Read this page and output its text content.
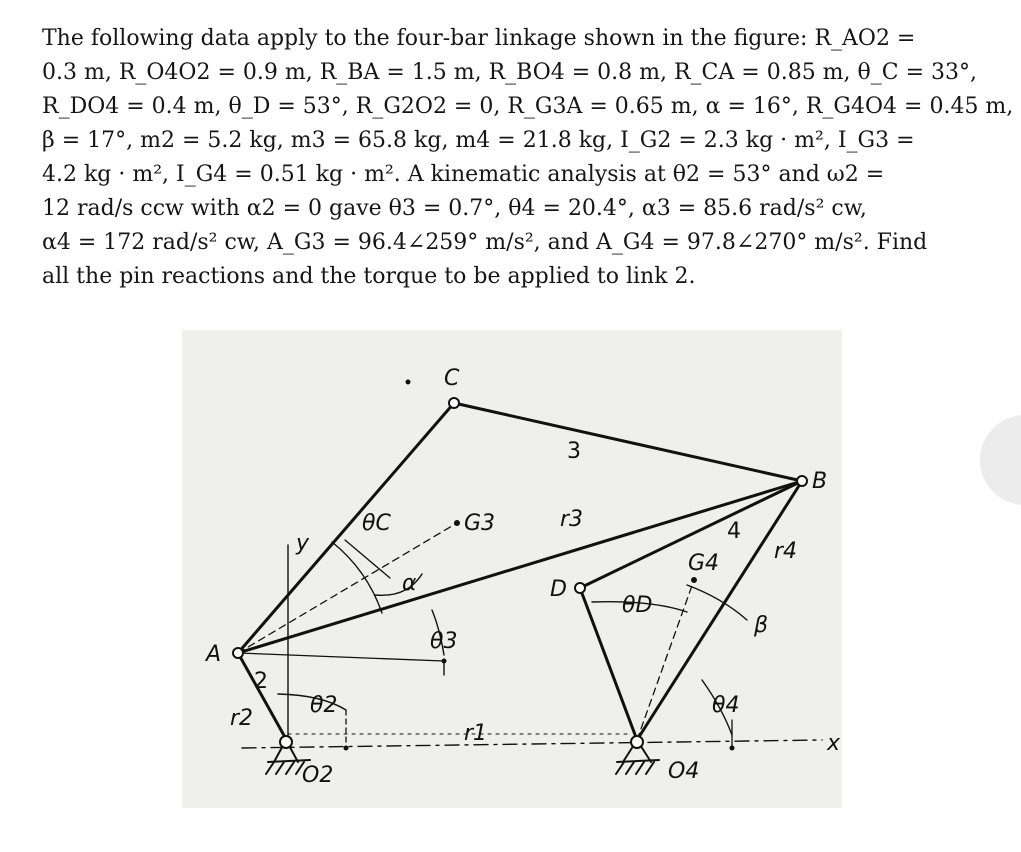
The following data apply to the four-bar linkage shown in the figure: R_AO2 =
0.3 m, R_O4O2 = 0.9 m, R_BA = 1.5 m, R_BO4 = 0.8 m, R_CA = 0.85 m, θ_C = 33°,
R_DO4 = 0.4 m, θ_D = 53°, R_G2O2 = 0, R_G3A = 0.65 m, α = 16°, R_G4O4 = 0.45 m,
β = 17°, m2 = 5.2 kg, m3 = 65.8 kg, m4 = 21.8 kg, I_G2 = 2.3 kg · m², I_G3 =
4.2 kg · m², I_G4 = 0.51 kg · m². A kinematic analysis at θ2 = 53° and ω2 =
12 rad/s ccw with α2 = 0 gave θ3 = 0.7°, θ4 = 20.4°, α3 = 85.6 rad/s² cw,
α4 = 172 rad/s² cw, A_G3 = 96.4∠259° m/s², and A_G4 = 97.8∠270° m/s². Find
all the pin reactions and the torque to be applied to link 2.
C
B
A
D
G3
G4
O2	O4
3
4
2
r1
r2
r3
r4
θ2
θ3
θ4
θC
θD
α
β
x
y
